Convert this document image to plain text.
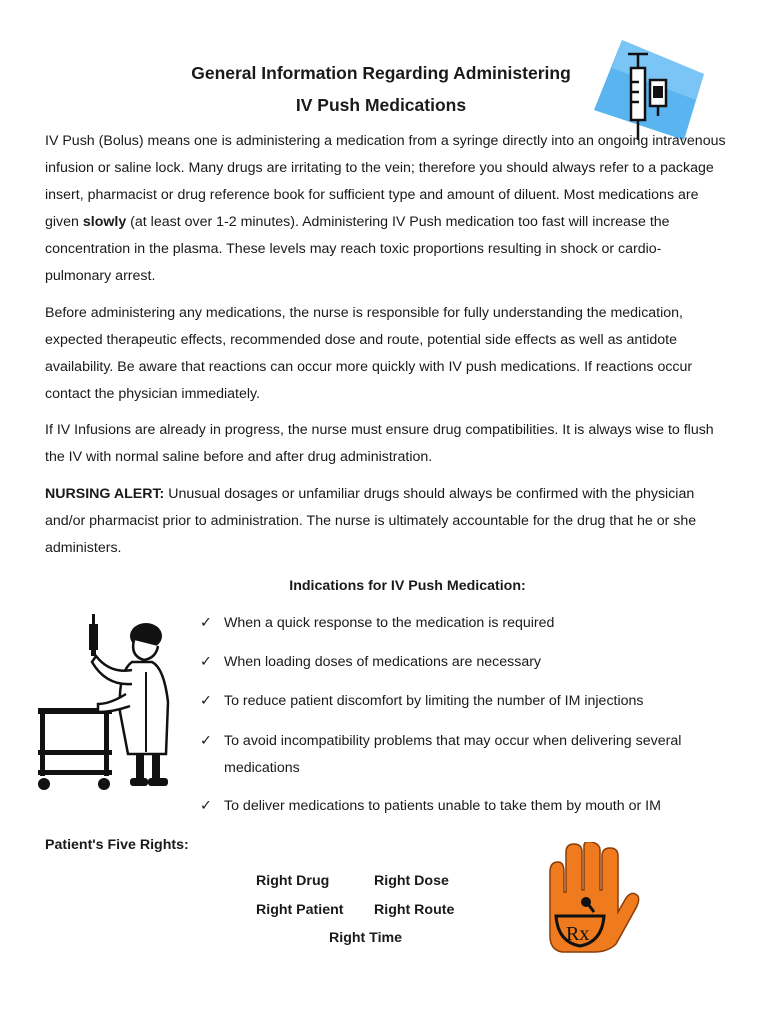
General Information Regarding Administering
IV Push Medications

IV Push (Bolus) means one is administering a medication from a syringe directly into an ongoing intravenous infusion or saline lock. Many drugs are irritating to the vein; therefore you should always refer to a package insert, pharmacist or drug reference book for sufficient type and amount of diluent. Most medications are given slowly (at least over 1-2 minutes). Administering IV Push medication too fast will increase the concentration in the plasma. These levels may reach toxic proportions resulting in shock or cardio-pulmonary arrest.

Before administering any medications, the nurse is responsible for fully understanding the medication, expected therapeutic effects, recommended dose and route, potential side effects as well as antidote availability. Be aware that reactions can occur more quickly with IV push medications. If reactions occur contact the physician immediately.

If IV Infusions are already in progress, the nurse must ensure drug compatibilities. It is always wise to flush the IV with normal saline before and after drug administration.

NURSING ALERT: Unusual dosages or unfamiliar drugs should always be confirmed with the physician and/or pharmacist prior to administration. The nurse is ultimately accountable for the drug that he or she administers.

Indications for IV Push Medication:
✓ When a quick response to the medication is required
✓ When loading doses of medications are necessary
✓ To reduce patient discomfort by limiting the number of IM injections
✓ To avoid incompatibility problems that may occur when delivering several medications
✓ To deliver medications to patients unable to take them by mouth or IM
Patient's Five Rights:
Right Drug	Right Dose
Right Patient Right Route
Right Time	Rx
